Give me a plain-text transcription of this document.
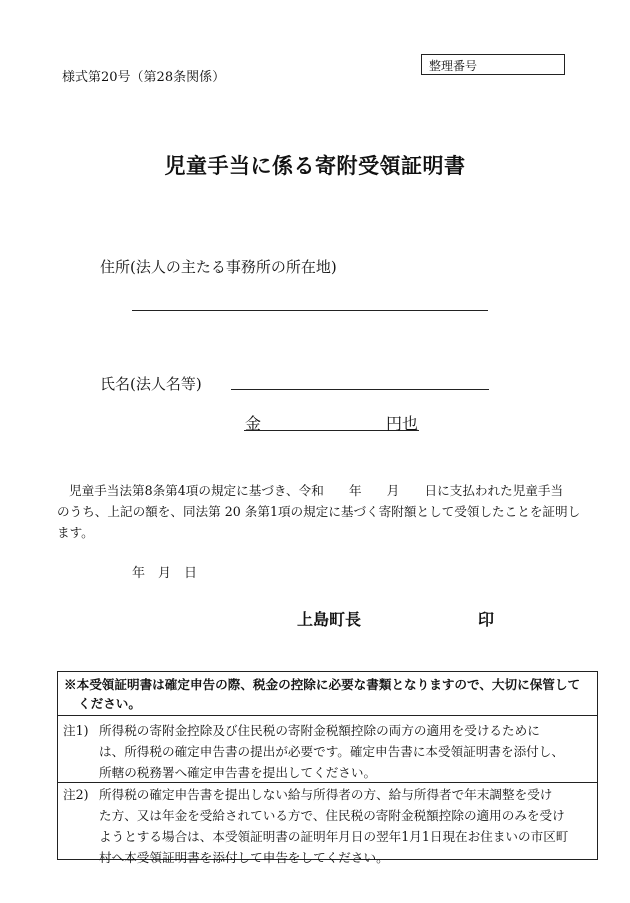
様式第20号（第28条関係）
整理番号
児童手当に係る寄附受領証明書
住所(法人の主たる事務所の所在地)
氏名(法人名等)
金	円也
児童手当法第8条第4項の規定に基づき、令和　　年　　月　　日に支払われた児童手当
のうち、上記の額を、同法第 20 条第1項の規定に基づく寄附額として受領したことを証明し
ます。
年　月　日
上島町長	印
※本受領証明書は確定申告の際、税金の控除に必要な書類となりますので、大切に保管して
ください。
注1) 所得税の寄附金控除及び住民税の寄附金税額控除の両方の適用を受けるために
は、所得税の確定申告書の提出が必要です。確定申告書に本受領証明書を添付し、
所轄の税務署へ確定申告書を提出してください。
注2) 所得税の確定申告書を提出しない給与所得者の方、給与所得者で年末調整を受け
た方、又は年金を受給されている方で、住民税の寄附金税額控除の適用のみを受け
ようとする場合は、本受領証明書の証明年月日の翌年1月1日現在お住まいの市区町
村へ本受領証明書を添付して申告をしてください。
